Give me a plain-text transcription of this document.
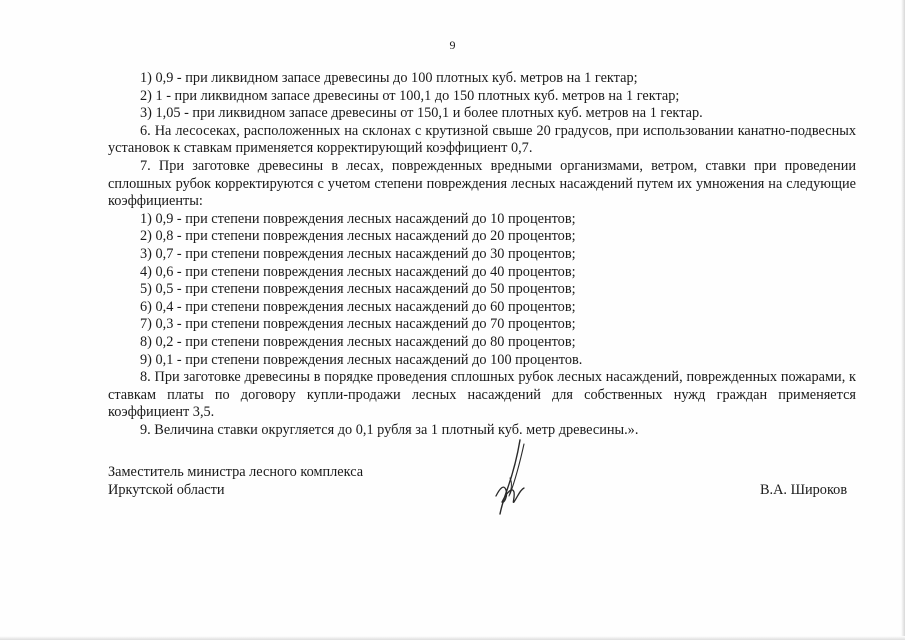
9

1) 0,9 - при ликвидном запасе древесины до 100 плотных куб. метров на 1 гектар;

2) 1 - при ликвидном запасе древесины от 100,1 до 150 плотных куб. метров на 1 гектар;

3) 1,05 - при ликвидном запасе древесины от 150,1 и более плотных куб. метров на 1 гектар.

6. На лесосеках, расположенных на склонах с крутизной свыше 20 градусов, при использовании канатно-подвесных установок к ставкам применяется корректирующий коэффициент 0,7.

7. При заготовке древесины в лесах, поврежденных вредными организмами, ветром, ставки при проведении сплошных рубок корректируются с учетом степени повреждения лесных насаждений путем их умножения на следующие коэффициенты:

1) 0,9 - при степени повреждения лесных насаждений до 10 процентов;

2) 0,8 - при степени повреждения лесных насаждений до 20 процентов;

3) 0,7 - при степени повреждения лесных насаждений до 30 процентов;

4) 0,6 - при степени повреждения лесных насаждений до 40 процентов;

5) 0,5 - при степени повреждения лесных насаждений до 50 процентов;

6) 0,4 - при степени повреждения лесных насаждений до 60 процентов;

7) 0,3 - при степени повреждения лесных насаждений до 70 процентов;

8) 0,2 - при степени повреждения лесных насаждений до 80 процентов;

9) 0,1 - при степени повреждения лесных насаждений до 100 процентов.

8. При заготовке древесины в порядке проведения сплошных рубок лесных насаждений, поврежденных пожарами, к ставкам платы по договору купли-продажи лесных насаждений для собственных нужд граждан применяется коэффициент 3,5.

9. Величина ставки округляется до 0,1 рубля за 1 плотный куб. метр древесины.».

Заместитель министра лесного комплекса
Иркутской области	В.А. Широков
